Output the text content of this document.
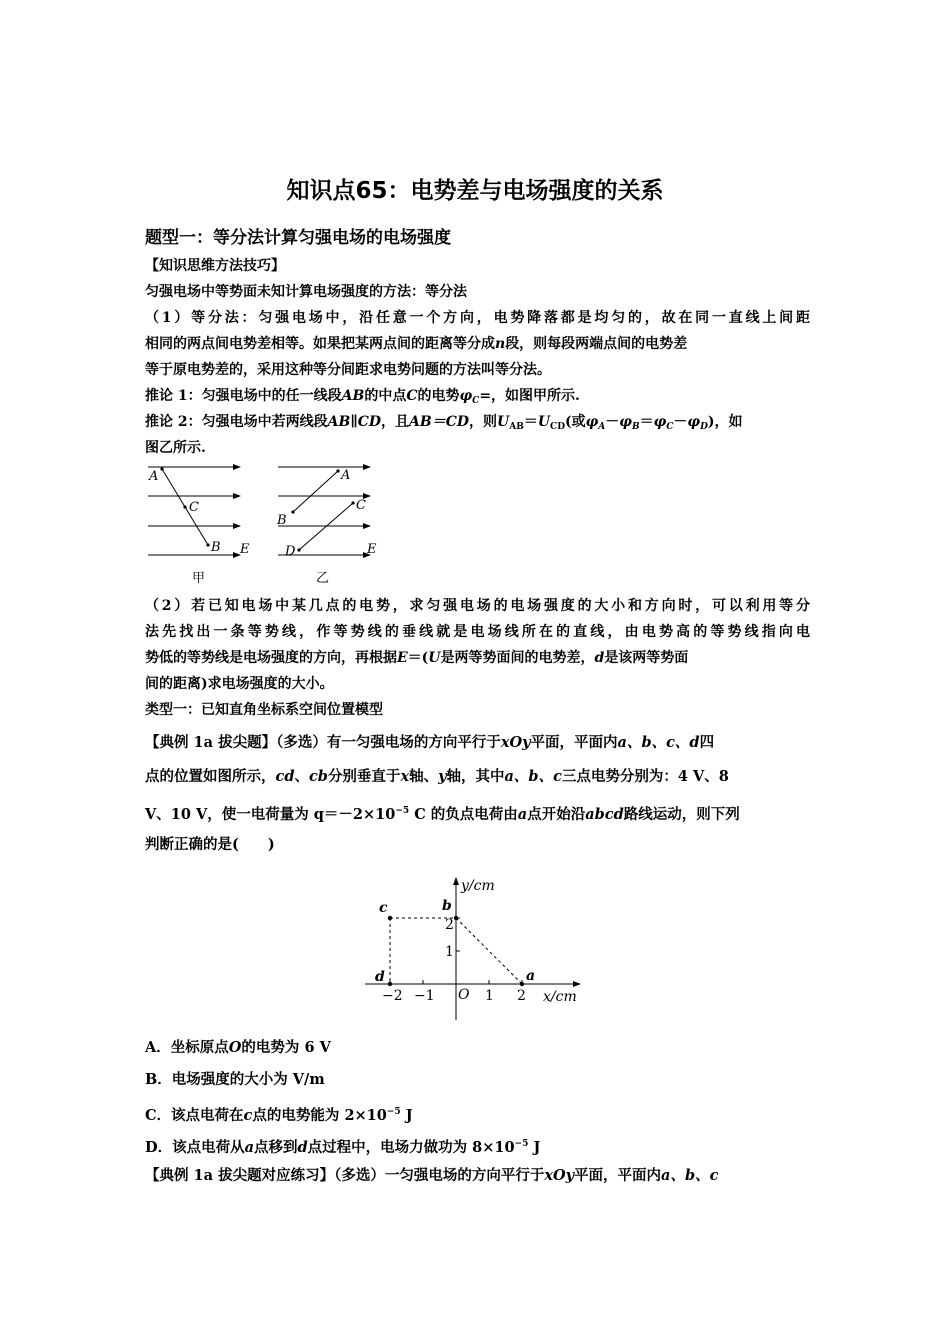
知识点65：电势差与电场强度的关系
题型一：等分法计算匀强电场的电场强度
【知识思维方法技巧】
匀强电场中等势面未知计算电场强度的方法：等分法
（1）等分法：匀强电场中，沿任意一个方向，电势降落都是均匀的，故在同一直线上间距
相同的两点间电势差相等。如果把某两点间的距离等分成n段，则每段两端点间的电势差
等于原电势差的，采用这种等分间距求电势问题的方法叫等分法。
推论 1：匀强电场中的任一线段AB的中点C的电势$\varphi_C=$，如图甲所示.
推论 2：匀强电场中若两线段AB∥CD，且AB＝CD，则$U_{AB}=U_{CD}$(或$\varphi_A-\varphi_B=\varphi_C-\varphi_D$)，如
图乙所示.
A
C
B E
甲
A
C
B
D	E
乙
（2）若已知电场中某几点的电势，求匀强电场的电场强度的大小和方向时，可以利用等分
法先找出一条等势线，作等势线的垂线就是电场线所在的直线，由电势高的等势线指向电
势低的等势线是电场强度的方向，再根据E＝(U是两等势面间的电势差，d是该两等势面
间的距离)求电场强度的大小。
类型一：已知直角坐标系空间位置模型
【典例 1a 拔尖题】（多选）有一匀强电场的方向平行于xOy平面，平面内a、b、c、d四
点的位置如图所示，cd、cb分别垂直于x轴、y轴，其中a、b、c三点电势分别为：4 V、8
V、10 V，使一电荷量为 $q=-2\times 10^{-5}$ C 的负点电荷由a点开始沿abcd路线运动，则下列
判断正确的是(　　)
a
b
c
d
y/cm
x/cm
O
−2 −1	1 2
2
1
A．坐标原点O的电势为 6 V
B．电场强度的大小为 V/m
C．该点电荷在c点的电势能为 $2\times 10^{-5}$ J
D．该点电荷从a点移到d点过程中，电场力做功为 $8\times 10^{-5}$ J
【典例 1a 拔尖题对应练习】（多选）一匀强电场的方向平行于xOy平面，平面内a、b、c
